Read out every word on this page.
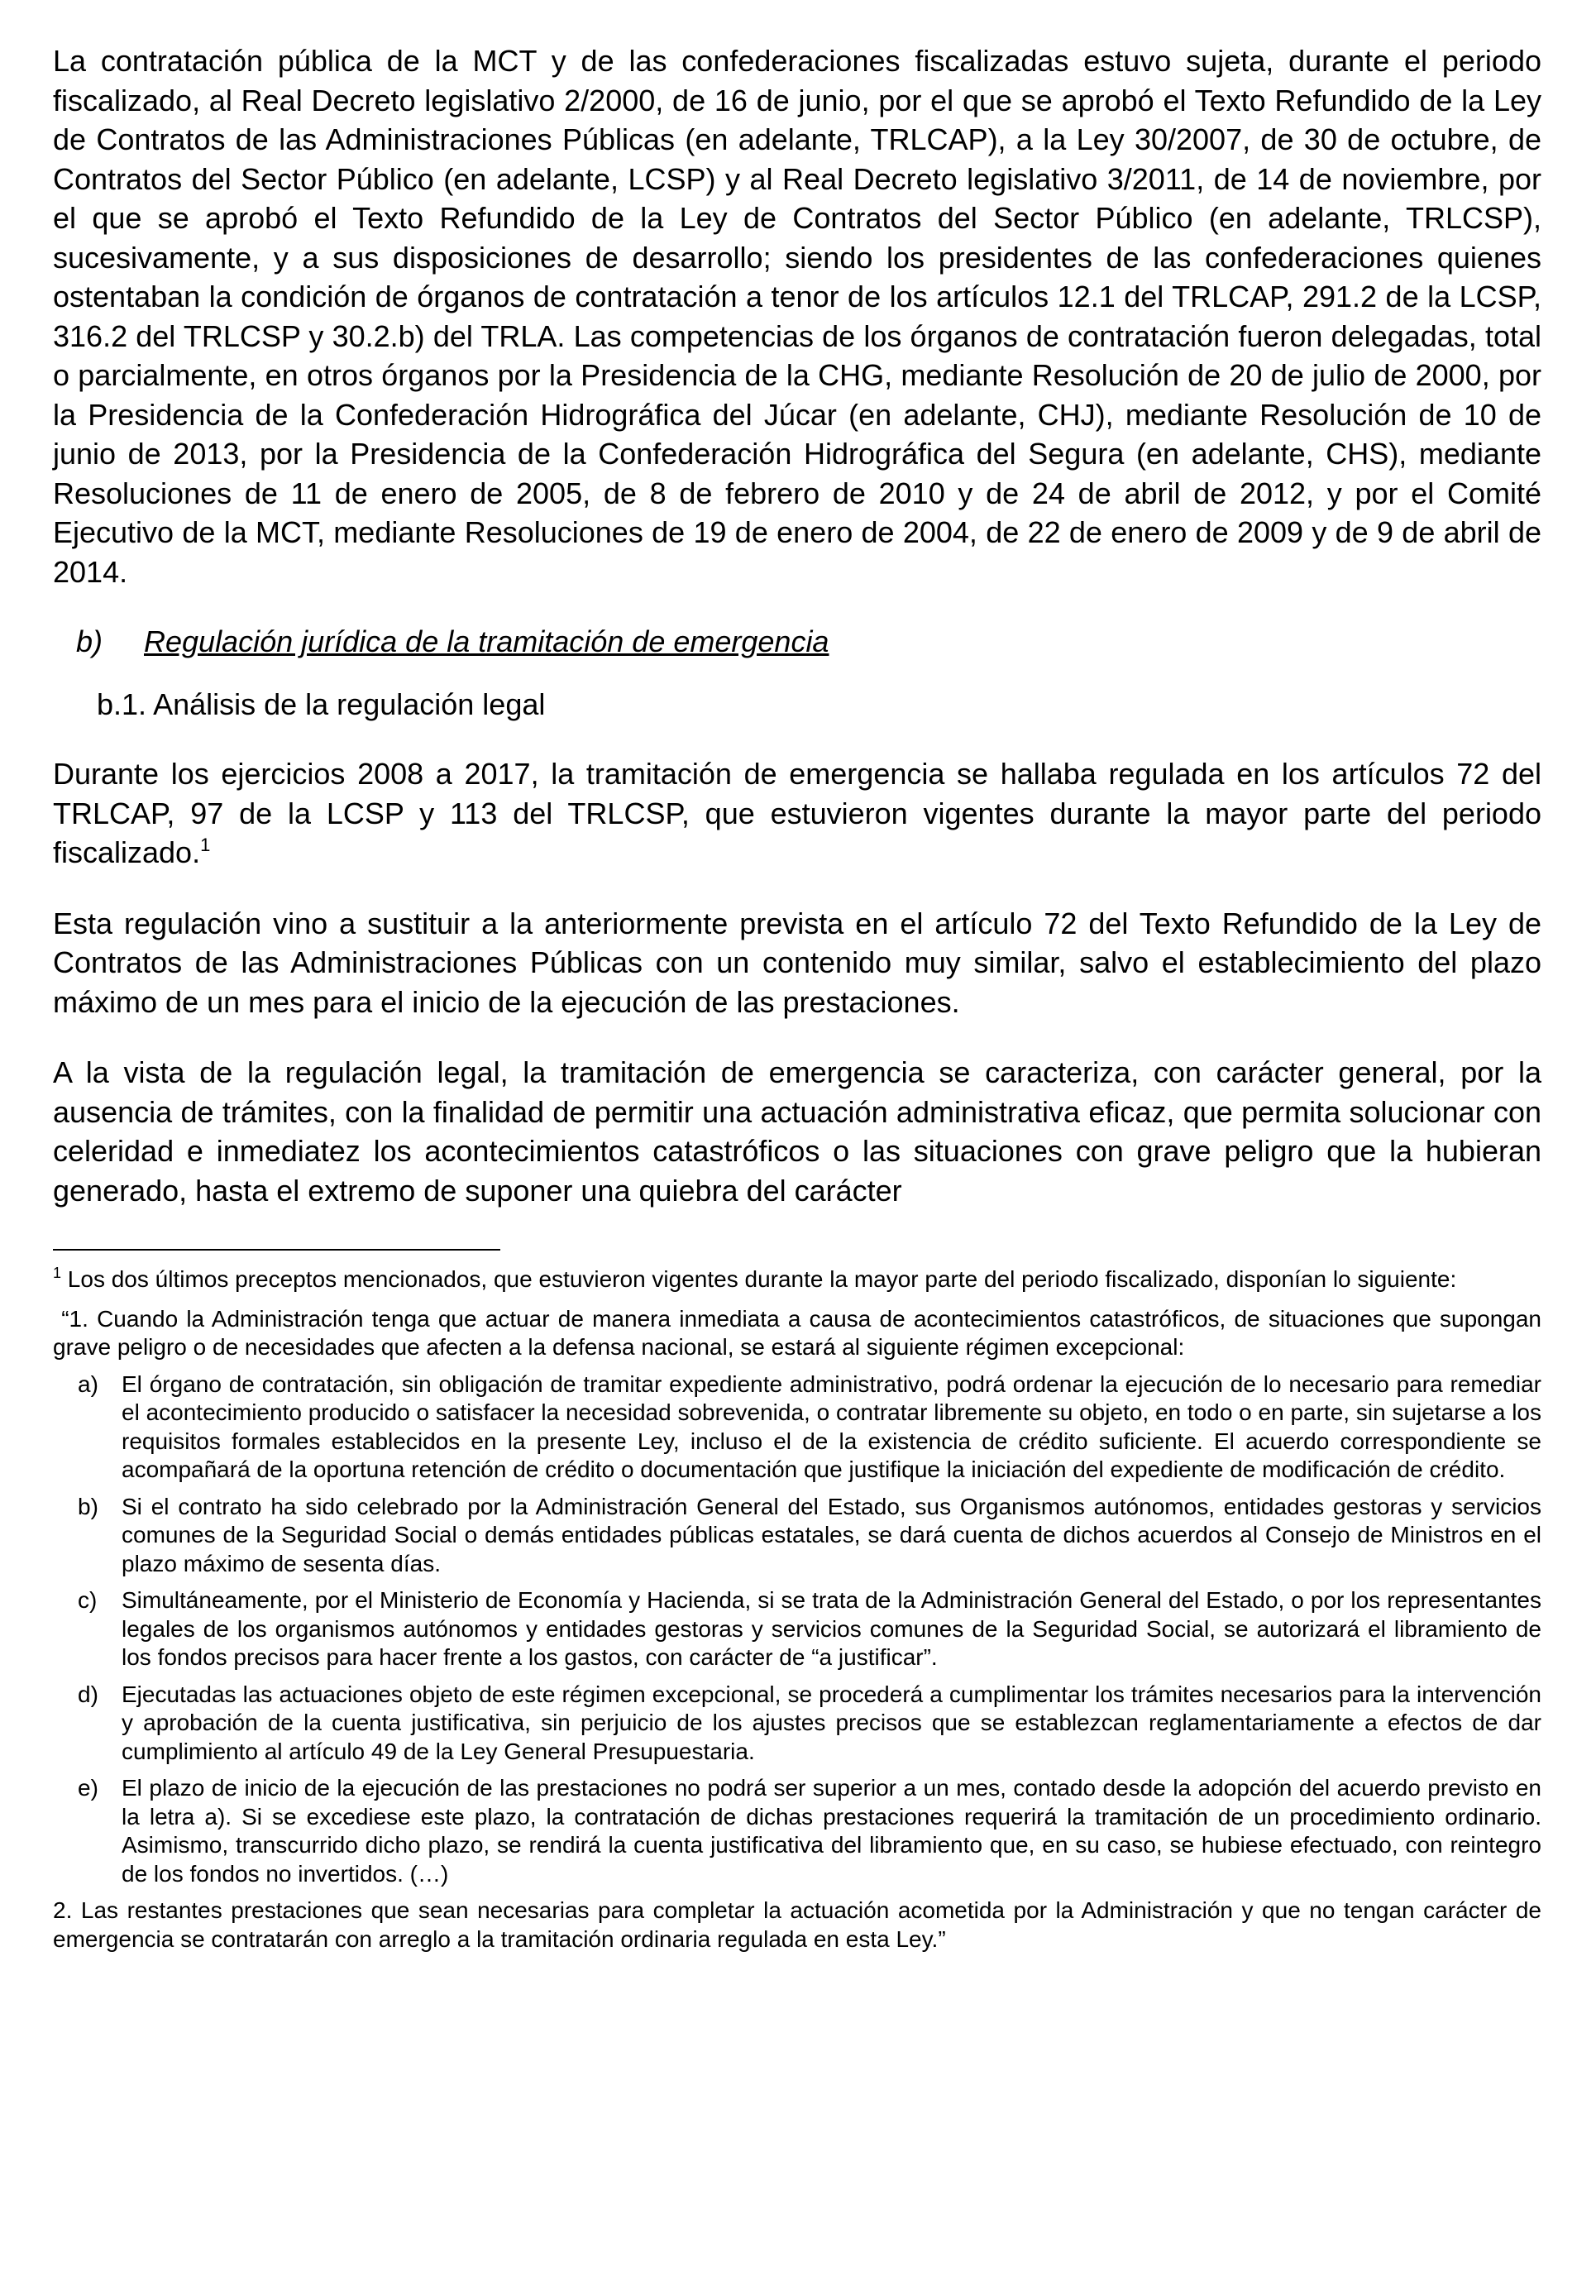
La contratación pública de la MCT y de las confederaciones fiscalizadas estuvo sujeta, durante el periodo fiscalizado, al Real Decreto legislativo 2/2000, de 16 de junio, por el que se aprobó el Texto Refundido de la Ley de Contratos de las Administraciones Públicas (en adelante, TRLCAP), a la Ley 30/2007, de 30 de octubre, de Contratos del Sector Público (en adelante, LCSP) y al Real Decreto legislativo 3/2011, de 14 de noviembre, por el que se aprobó el Texto Refundido de la Ley de Contratos del Sector Público (en adelante, TRLCSP), sucesivamente, y a sus disposiciones de desarrollo; siendo los presidentes de las confederaciones quienes ostentaban la condición de órganos de contratación a tenor de los artículos 12.1 del TRLCAP, 291.2 de la LCSP, 316.2 del TRLCSP y 30.2.b) del TRLA. Las competencias de los órganos de contratación fueron delegadas, total o parcialmente, en otros órganos por la Presidencia de la CHG, mediante Resolución de 20 de julio de 2000, por la Presidencia de la Confederación Hidrográfica del Júcar (en adelante, CHJ), mediante Resolución de 10 de junio de 2013, por la Presidencia de la Confederación Hidrográfica del Segura (en adelante, CHS), mediante Resoluciones de 11 de enero de 2005, de 8 de febrero de 2010 y de 24 de abril de 2012, y por el Comité Ejecutivo de la MCT, mediante Resoluciones de 19 de enero de 2004, de 22 de enero de 2009 y de 9 de abril de 2014.

b) Regulación jurídica de la tramitación de emergencia
b.1. Análisis de la regulación legal

Durante los ejercicios 2008 a 2017, la tramitación de emergencia se hallaba regulada en los artículos 72 del TRLCAP, 97 de la LCSP y 113 del TRLCSP, que estuvieron vigentes durante la mayor parte del periodo fiscalizado.$^1$

Esta regulación vino a sustituir a la anteriormente prevista en el artículo 72 del Texto Refundido de la Ley de Contratos de las Administraciones Públicas con un contenido muy similar, salvo el establecimiento del plazo máximo de un mes para el inicio de la ejecución de las prestaciones.

A la vista de la regulación legal, la tramitación de emergencia se caracteriza, con carácter general, por la ausencia de trámites, con la finalidad de permitir una actuación administrativa eficaz, que permita solucionar con celeridad e inmediatez los acontecimientos catastróficos o las situaciones con grave peligro que la hubieran generado, hasta el extremo de suponer una quiebra del carácter

$^1$ Los dos últimos preceptos mencionados, que estuvieron vigentes durante la mayor parte del periodo fiscalizado, disponían lo siguiente:

“1. Cuando la Administración tenga que actuar de manera inmediata a causa de acontecimientos catastróficos, de situaciones que supongan grave peligro o de necesidades que afecten a la defensa nacional, se estará al siguiente régimen excepcional:

a)	El órgano de contratación, sin obligación de tramitar expediente administrativo, podrá ordenar la ejecución de lo necesario para remediar el acontecimiento producido o satisfacer la necesidad sobrevenida, o contratar libremente su objeto, en todo o en parte, sin sujetarse a los requisitos formales establecidos en la presente Ley, incluso el de la existencia de crédito suficiente. El acuerdo correspondiente se acompañará de la oportuna retención de crédito o documentación que justifique la iniciación del expediente de modificación de crédito.
b)	Si el contrato ha sido celebrado por la Administración General del Estado, sus Organismos autónomos, entidades gestoras y servicios comunes de la Seguridad Social o demás entidades públicas estatales, se dará cuenta de dichos acuerdos al Consejo de Ministros en el plazo máximo de sesenta días.
c)	Simultáneamente, por el Ministerio de Economía y Hacienda, si se trata de la Administración General del Estado, o por los representantes legales de los organismos autónomos y entidades gestoras y servicios comunes de la Seguridad Social, se autorizará el libramiento de los fondos precisos para hacer frente a los gastos, con carácter de “a justificar”.
d)	Ejecutadas las actuaciones objeto de este régimen excepcional, se procederá a cumplimentar los trámites necesarios para la intervención y aprobación de la cuenta justificativa, sin perjuicio de los ajustes precisos que se establezcan reglamentariamente a efectos de dar cumplimiento al artículo 49 de la Ley General Presupuestaria.
e)	El plazo de inicio de la ejecución de las prestaciones no podrá ser superior a un mes, contado desde la adopción del acuerdo previsto en la letra a). Si se excediese este plazo, la contratación de dichas prestaciones requerirá la tramitación de un procedimiento ordinario. Asimismo, transcurrido dicho plazo, se rendirá la cuenta justificativa del libramiento que, en su caso, se hubiese efectuado, con reintegro de los fondos no invertidos. (…)

2. Las restantes prestaciones que sean necesarias para completar la actuación acometida por la Administración y que no tengan carácter de emergencia se contratarán con arreglo a la tramitación ordinaria regulada en esta Ley.”
